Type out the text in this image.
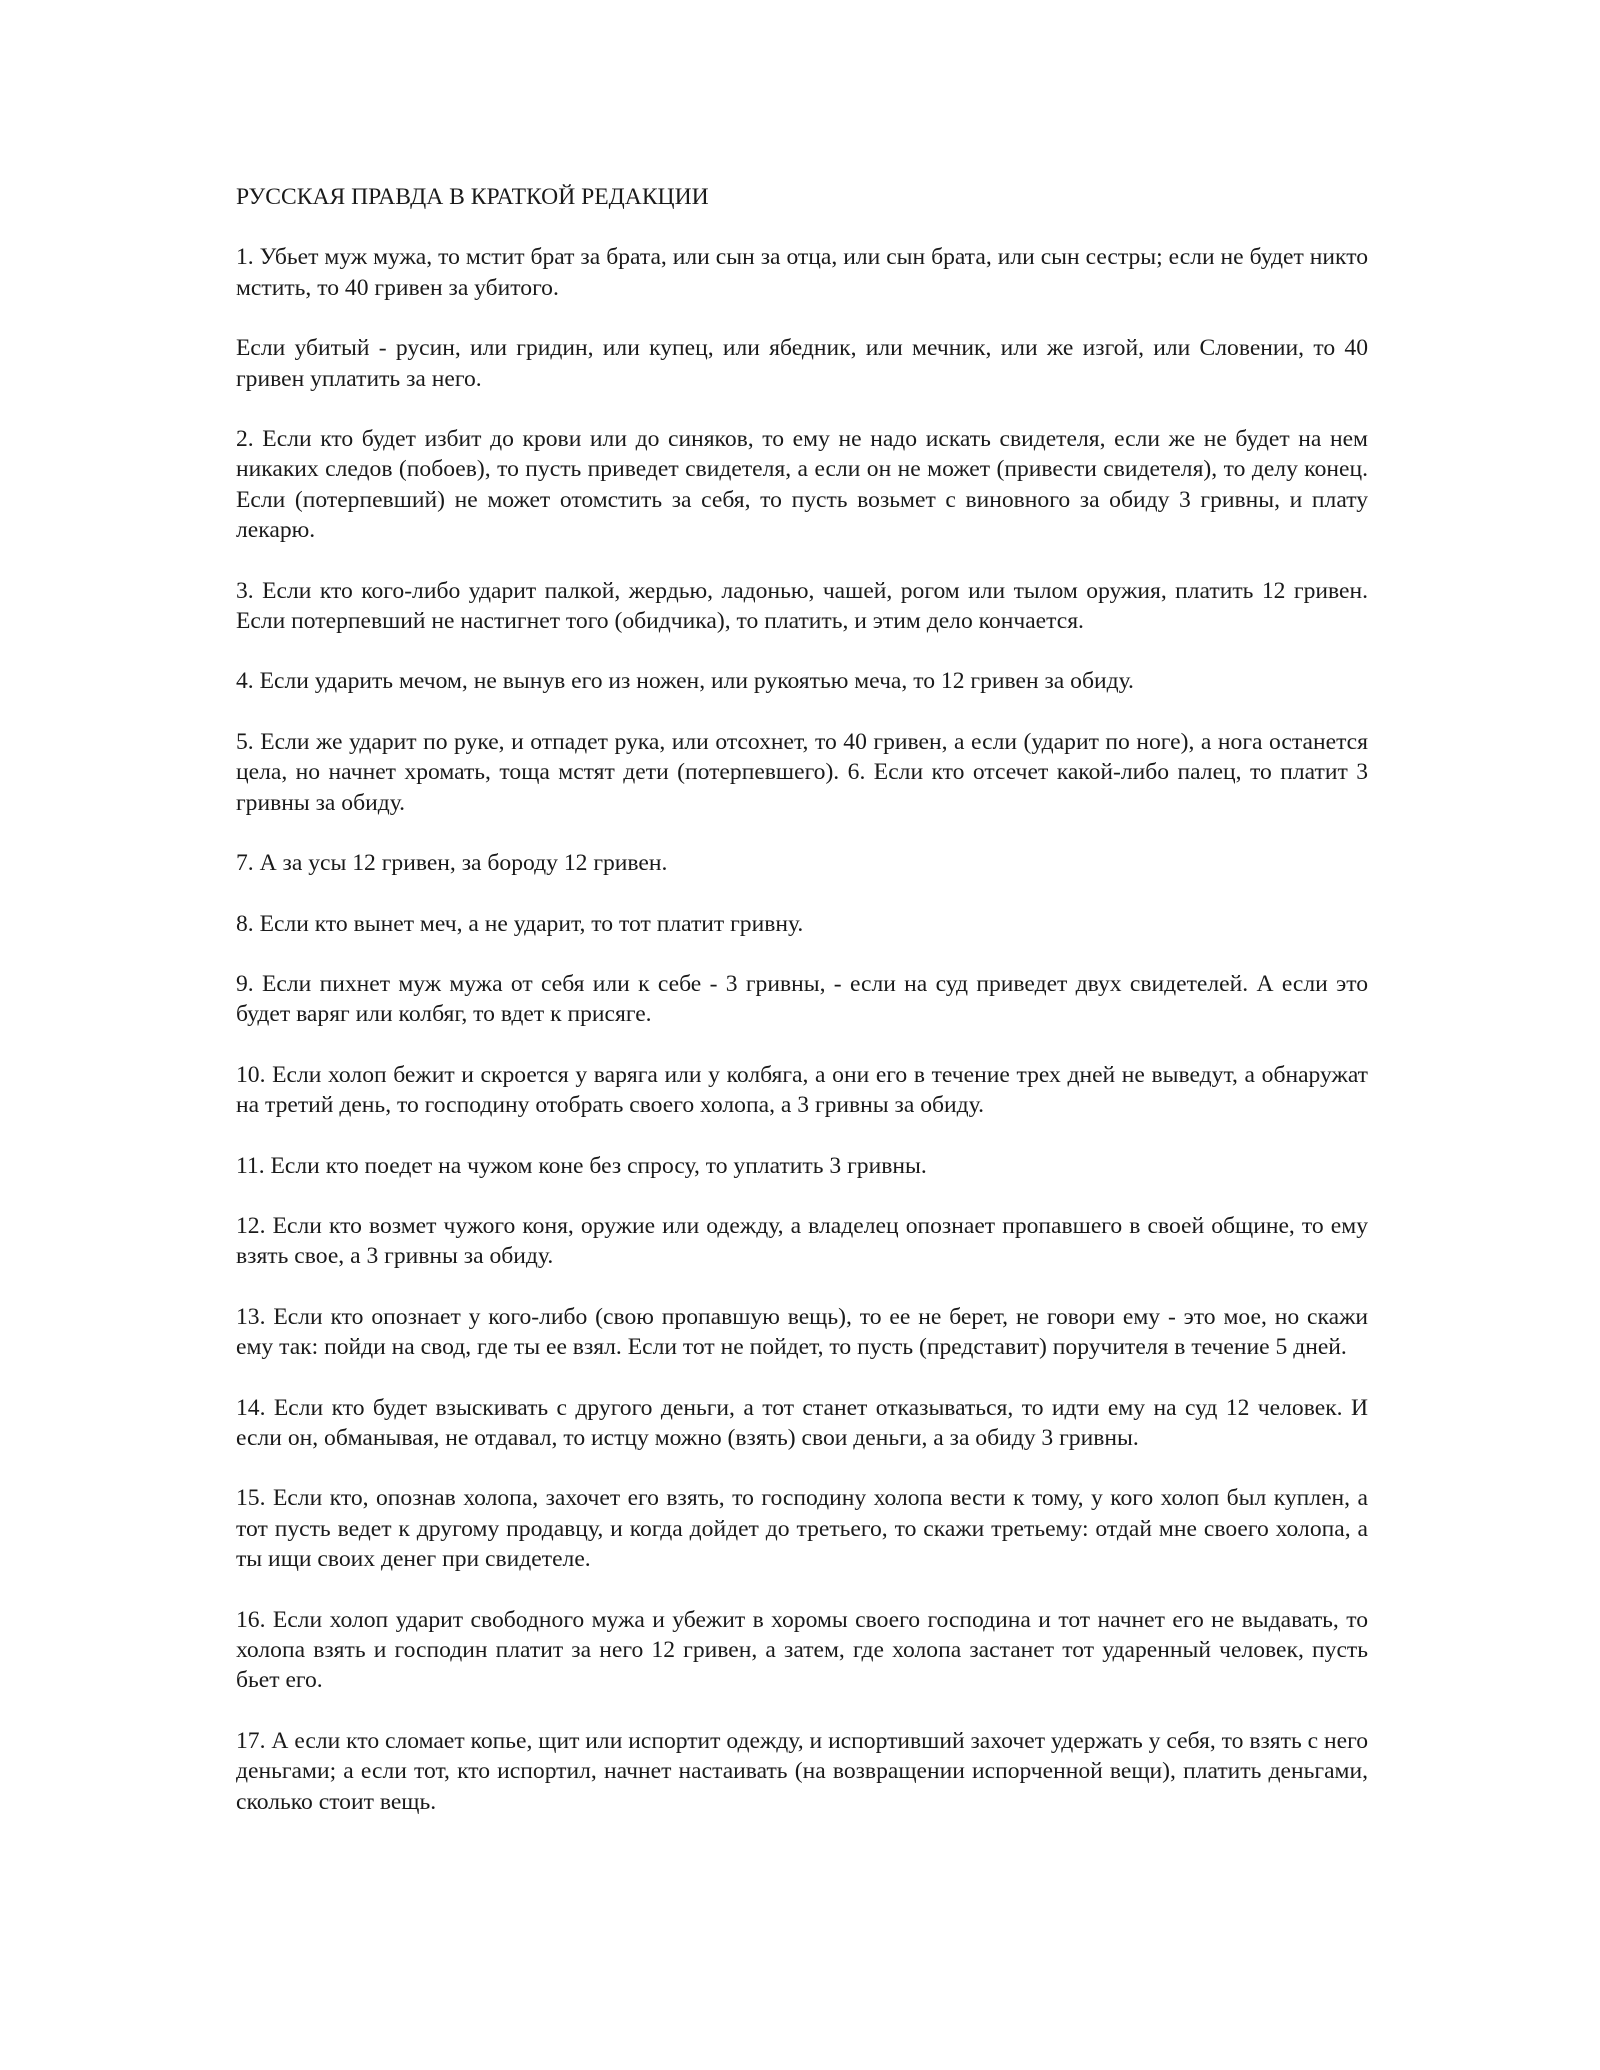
РУССКАЯ ПРАВДА В КРАТКОЙ РЕДАКЦИИ

1. Убьет муж мужа, то мстит брат за брата, или сын за отца, или сын брата, или сын сестры; если не будет никто мстить, то 40 гривен за убитого.

Если убитый - русин, или гридин, или купец, или ябедник, или мечник, или же изгой, или Словении, то 40 гривен уплатить за него.

2. Если кто будет избит до крови или до синяков, то ему не надо искать свидетеля, если же не будет на нем никаких следов (побоев), то пусть приведет свидетеля, а если он не может (привести свидетеля), то делу конец. Если (потерпевший) не может отомстить за себя, то пусть возьмет с виновного за обиду 3 гривны, и плату лекарю.

3. Если кто кого-либо ударит палкой, жердью, ладонью, чашей, рогом или тылом оружия, платить 12 гривен. Если потерпевший не настигнет того (обидчика), то платить, и этим дело кончается.

4. Если ударить мечом, не вынув его из ножен, или рукоятью меча, то 12 гривен за обиду.

5. Если же ударит по руке, и отпадет рука, или отсохнет, то 40 гривен, а если (ударит по ноге), а нога останется цела, но начнет хромать, тоща мстят дети (потерпевшего). 6. Если кто отсечет какой-либо палец, то платит 3 гривны за обиду.

7. А за усы 12 гривен, за бороду 12 гривен.

8. Если кто вынет меч, а не ударит, то тот платит гривну.

9. Если пихнет муж мужа от себя или к себе - 3 гривны, - если на суд приведет двух свидетелей. А если это будет варяг или колбяг, то вдет к присяге.

10. Если холоп бежит и скроется у варяга или у колбяга, а они его в течение трех дней не выведут, а обнаружат на третий день, то господину отобрать своего холопа, а 3 гривны за обиду.

11. Если кто поедет на чужом коне без спросу, то уплатить 3 гривны.

12. Если кто возмет чужого коня, оружие или одежду, а владелец опознает пропавшего в своей общине, то ему взять свое, а 3 гривны за обиду.

13. Если кто опознает у кого-либо (свою пропавшую вещь), то ее не берет, не говори ему - это мое, но скажи ему так: пойди на свод, где ты ее взял. Если тот не пойдет, то пусть (представит) поручителя в течение 5 дней.

14. Если кто будет взыскивать с другого деньги, а тот станет отказываться, то идти ему на суд 12 человек. И если он, обманывая, не отдавал, то истцу можно (взять) свои деньги, а за обиду 3 гривны.

15. Если кто, опознав холопа, захочет его взять, то господину холопа вести к тому, у кого холоп был куплен, а тот пусть ведет к другому продавцу, и когда дойдет до третьего, то скажи третьему: отдай мне своего холопа, а ты ищи своих денег при свидетеле.

16. Если холоп ударит свободного мужа и убежит в хоромы своего господина и тот начнет его не выдавать, то холопа взять и господин платит за него 12 гривен, а затем, где холопа застанет тот ударенный человек, пусть бьет его.

17. А если кто сломает копье, щит или испортит одежду, и испортивший захочет удержать у себя, то взять с него деньгами; а если тот, кто испортил, начнет настаивать (на возвращении испорченной вещи), платить деньгами, сколько стоит вещь.
